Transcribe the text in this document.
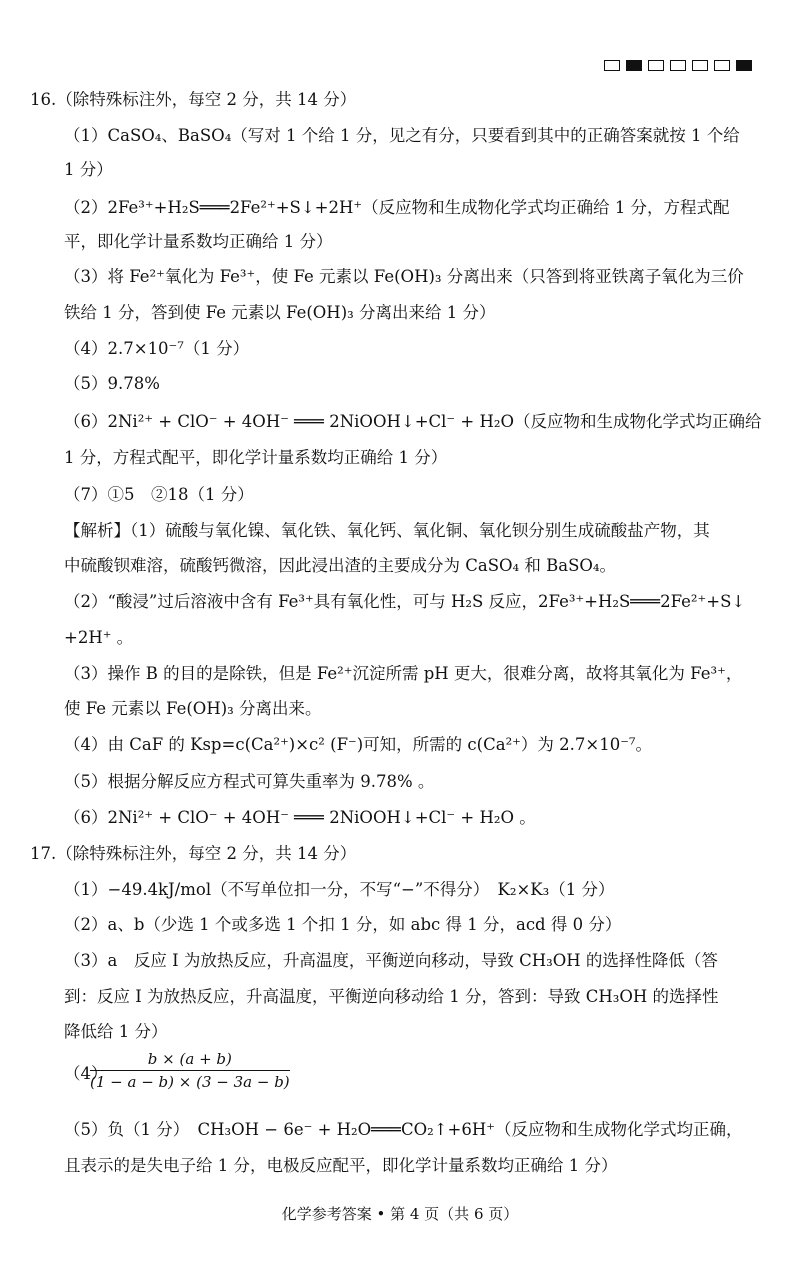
16.（除特殊标注外，每空 2 分，共 14 分）
（1）CaSO₄、BaSO₄（写对 1 个给 1 分，见之有分，只要看到其中的正确答案就按 1 个给
1 分）
（2）2Fe³⁺+H₂S═══2Fe²⁺+S↓+2H⁺（反应物和生成物化学式均正确给 1 分，方程式配
平，即化学计量系数均正确给 1 分）
（3）将 Fe²⁺氧化为 Fe³⁺，使 Fe 元素以 Fe(OH)₃ 分离出来（只答到将亚铁离子氧化为三价
铁给 1 分，答到使 Fe 元素以 Fe(OH)₃ 分离出来给 1 分）
（4）2.7×10⁻⁷（1 分）
（5）9.78%
（6）2Ni²⁺ + ClO⁻ + 4OH⁻ ═══ 2NiOOH↓+Cl⁻ + H₂O（反应物和生成物化学式均正确给
1 分，方程式配平，即化学计量系数均正确给 1 分）
（7）①5　②18（1 分）
【解析】（1）硫酸与氧化镍、氧化铁、氧化钙、氧化铜、氧化钡分别生成硫酸盐产物，其
中硫酸钡难溶，硫酸钙微溶，因此浸出渣的主要成分为 CaSO₄ 和 BaSO₄。
（2）“酸浸”过后溶液中含有 Fe³⁺具有氧化性，可与 H₂S 反应，2Fe³⁺+H₂S═══2Fe²⁺+S↓
+2H⁺ 。
（3）操作 B 的目的是除铁，但是 Fe²⁺沉淀所需 pH 更大，很难分离，故将其氧化为 Fe³⁺，
使 Fe 元素以 Fe(OH)₃ 分离出来。
（4）由 CaF 的 Ksp=c(Ca²⁺)×c² (F⁻)可知，所需的 c(Ca²⁺）为 2.7×10⁻⁷。
（5）根据分解反应方程式可算失重率为 9.78% 。
（6）2Ni²⁺ + ClO⁻ + 4OH⁻ ═══ 2NiOOH↓+Cl⁻ + H₂O 。
17.（除特殊标注外，每空 2 分，共 14 分）
（1）−49.4kJ/mol（不写单位扣一分，不写“−”不得分）　K₂×K₃（1 分）
（2）a、b（少选 1 个或多选 1 个扣 1 分，如 abc 得 1 分，acd 得 0 分）
（3）a　反应 Ⅰ 为放热反应，升高温度，平衡逆向移动，导致 CH₃OH 的选择性降低（答
到：反应 Ⅰ 为放热反应，升高温度，平衡逆向移动给 1 分，答到：导致 CH₃OH 的选择性
降低给 1 分）
（4）
（5）负（1 分）　CH₃OH − 6e⁻ + H₂O═══CO₂↑+6H⁺（反应物和生成物化学式均正确，
且表示的是失电子给 1 分，电极反应配平，即化学计量系数均正确给 1 分）
$\frac{b \times (a + b)}{(1 - a - b) \times (3 - 3a - b)}$
化学参考答案 • 第 4 页（共 6 页）
